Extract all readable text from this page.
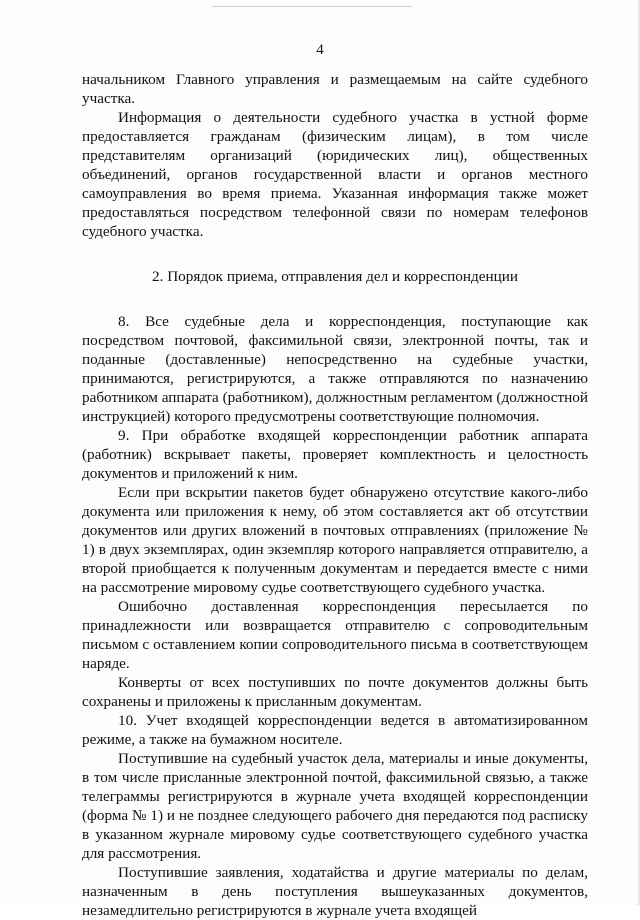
4

начальником Главного управления и размещаемым на сайте судебного участка.

Информация о деятельности судебного участка в устной форме предоставляется гражданам (физическим лицам), в том числе представителям организаций (юридических лиц), общественных объединений, органов государственной власти и органов местного самоуправления во время приема. Указанная информация также может предоставляться посредством телефонной связи по номерам телефонов судебного участка.

2. Порядок приема, отправления дел и корреспонденции

8. Все судебные дела и корреспонденция, поступающие как посредством почтовой, факсимильной связи, электронной почты, так и поданные (доставленные) непосредственно на судебные участки, принимаются, регистрируются, а также отправляются по назначению работником аппарата (работником), должностным регламентом (должностной инструкцией) которого предусмотрены соответствующие полномочия.

9. При обработке входящей корреспонденции работник аппарата (работник) вскрывает пакеты, проверяет комплектность и целостность документов и приложений к ним.

Если при вскрытии пакетов будет обнаружено отсутствие какого-либо документа или приложения к нему, об этом составляется акт об отсутствии документов или других вложений в почтовых отправлениях (приложение № 1) в двух экземплярах, один экземпляр которого направляется отправителю, а второй приобщается к полученным документам и передается вместе с ними на рассмотрение мировому судье соответствующего судебного участка.

Ошибочно доставленная корреспонденция пересылается по принадлежности или возвращается отправителю с сопроводительным письмом с оставлением копии сопроводительного письма в соответствующем наряде.

Конверты от всех поступивших по почте документов должны быть сохранены и приложены к присланным документам.

10. Учет входящей корреспонденции ведется в автоматизированном режиме, а также на бумажном носителе.

Поступившие на судебный участок дела, материалы и иные документы, в том числе присланные электронной почтой, факсимильной связью, а также телеграммы регистрируются в журнале учета входящей корреспонденции (форма № 1) и не позднее следующего рабочего дня передаются под расписку в указанном журнале мировому судье соответствующего судебного участка для рассмотрения.

Поступившие заявления, ходатайства и другие материалы по делам, назначенным в день поступления вышеуказанных документов, незамедлительно регистрируются в журнале учета входящей
